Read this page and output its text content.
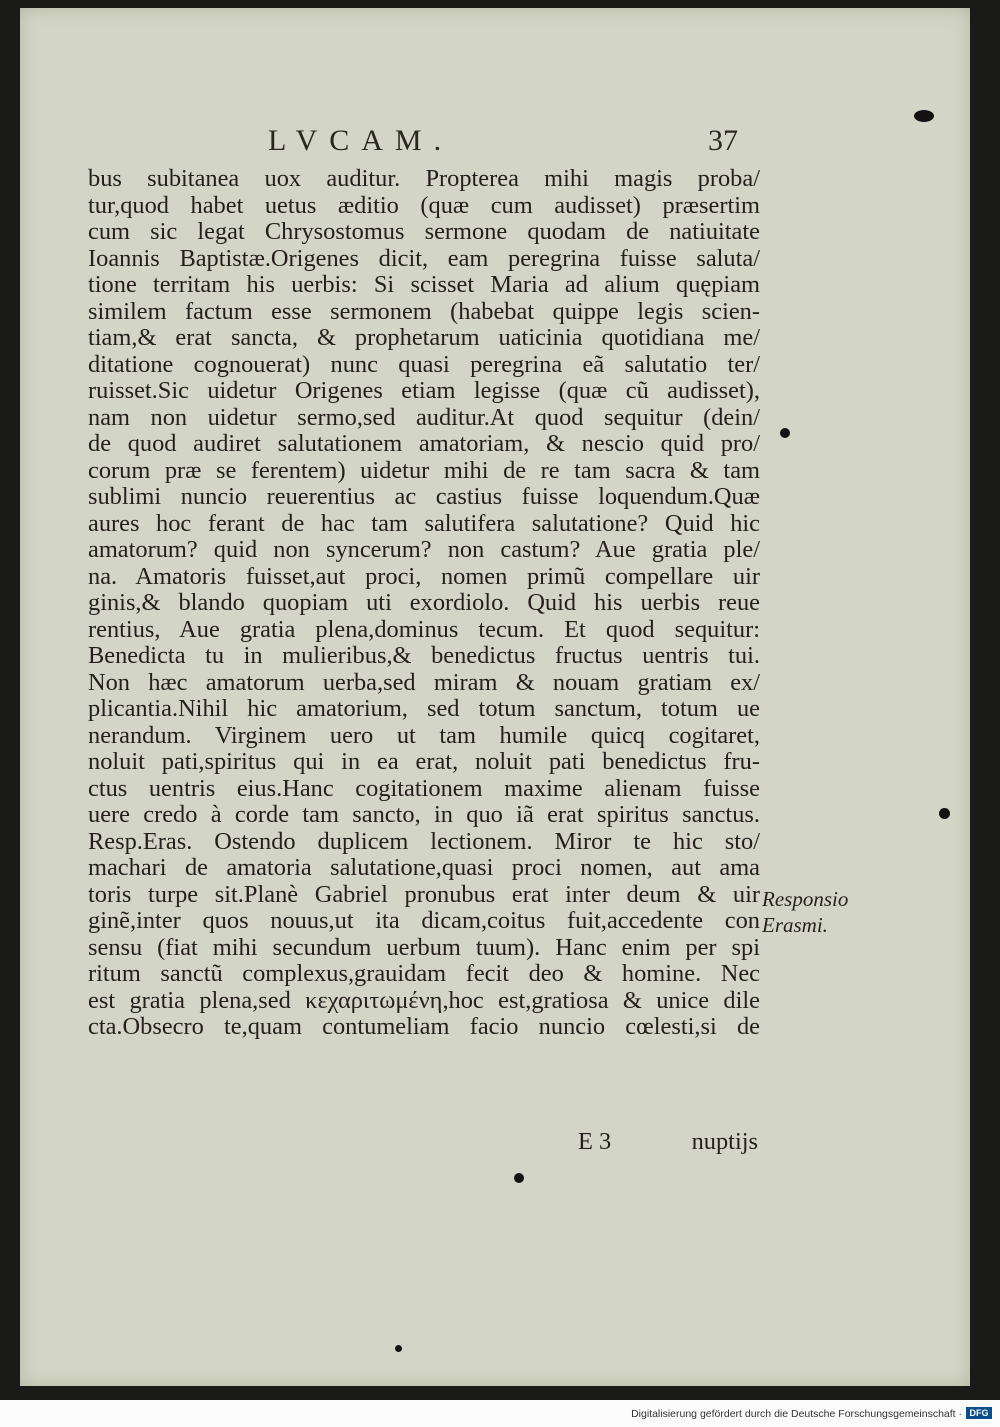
LVCAM.	37
bus subitanea uox auditur. Propterea mihi magis proba/
tur,quod habet uetus æditio (quæ cum audisset) præsertim
cum sic legat Chrysostomus sermone quodam de natiuitate
Ioannis Baptistæ.Origenes dicit, eam peregrina fuisse saluta/
tione territam his uerbis: Si scisset Maria ad alium quępiam
similem factum esse sermonem (habebat quippe legis scien-
tiam,& erat sancta, & prophetarum uaticinia quotidiana me/
ditatione cognouerat) nunc quasi peregrina eã salutatio ter/
ruisset.Sic uidetur Origenes etiam legisse (quæ cũ audisset),
nam non uidetur sermo,sed auditur.At quod sequitur (dein/
de quod audiret salutationem amatoriam, & nescio quid pro/
corum præ se ferentem) uidetur mihi de re tam sacra & tam
sublimi nuncio reuerentius ac castius fuisse loquendum.Quæ
aures hoc ferant de hac tam salutifera salutatione? Quid hic
amatorum? quid non syncerum? non castum? Aue gratia ple/
na. Amatoris fuisset,aut proci, nomen primũ compellare uir
ginis,& blando quopiam uti exordiolo. Quid his uerbis reue
rentius, Aue gratia plena,dominus tecum. Et quod sequitur:
Benedicta tu in mulieribus,& benedictus fructus uentris tui.
Non hæc amatorum uerba,sed miram & nouam gratiam ex/
plicantia.Nihil hic amatorium, sed totum sanctum, totum ue
nerandum. Virginem uero ut tam humile quicq cogitaret,
noluit pati,spiritus qui in ea erat, noluit pati benedictus fru-
ctus uentris eius.Hanc cogitationem maxime alienam fuisse
uere credo à corde tam sancto, in quo iã erat spiritus sanctus.
Resp.Eras. Ostendo duplicem lectionem. Miror te hic sto/
machari de amatoria salutatione,quasi proci nomen, aut ama
toris turpe sit.Planè Gabriel pronubus erat inter deum & uir
ginẽ,inter quos nouus,ut ita dicam,coitus fuit,accedente con
sensu (fiat mihi secundum uerbum tuum). Hanc enim per spi
ritum sanctũ complexus,grauidam fecit deo & homine. Nec
est gratia plena,sed κεχαριτωμένη,hoc est,gratiosa & unice dile
cta.Obsecro te,quam contumeliam facio nuncio cœlesti,si de
E 3	nuptijs
Responsio
Erasmi.
Digitalisierung gefördert durch die Deutsche Forschungsgemeinschaft · DFG
